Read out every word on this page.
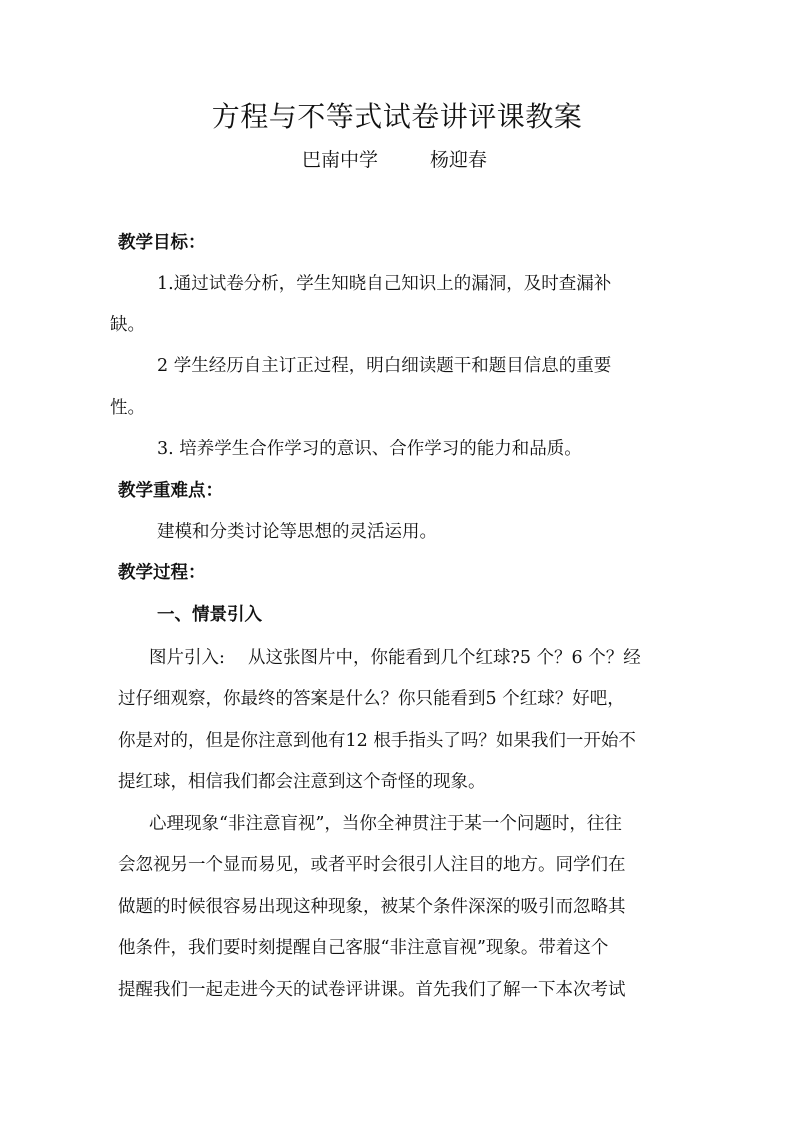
方程与不等式试卷讲评课教案
巴南中学	杨迎春
教学目标：
1.通过试卷分析，学生知晓自己知识上的漏洞，及时查漏补
缺。
2 学生经历自主订正过程，明白细读题干和题目信息的重要
性。
3. 培养学生合作学习的意识、合作学习的能力和品质。
教学重难点：
建模和分类讨论等思想的灵活运用。
教学过程：
一、情景引入
图片引入:　 从这张图片中，你能看到几个红球?5 个？6 个？经
过仔细观察，你最终的答案是什么？你只能看到5 个红球？好吧，
你是对的，但是你注意到他有12 根手指头了吗？如果我们一开始不
提红球，相信我们都会注意到这个奇怪的现象。
心理现象“非注意盲视”，当你全神贯注于某一个问题时，往往
会忽视另一个显而易见，或者平时会很引人注目的地方。同学们在
做题的时候很容易出现这种现象，被某个条件深深的吸引而忽略其
他条件，我们要时刻提醒自己客服“非注意盲视”现象。带着这个
提醒我们一起走进今天的试卷评讲课。首先我们了解一下本次考试
